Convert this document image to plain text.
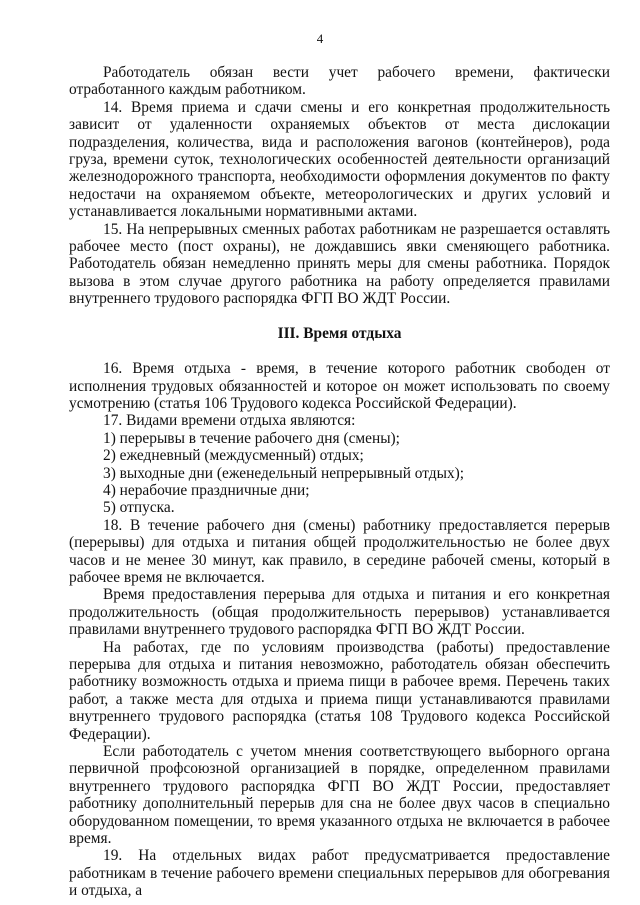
4

Работодатель обязан вести учет рабочего времени, фактически отработанного каждым работником.

14. Время приема и сдачи смены и его конкретная продолжительность зависит от удаленности охраняемых объектов от места дислокации подразделения, количества, вида и расположения вагонов (контейнеров), рода груза, времени суток, технологических особенностей деятельности организаций железнодорожного транспорта, необходимости оформления документов по факту недостачи на охраняемом объекте, метеорологических и других условий и устанавливается локальными нормативными актами.

15. На непрерывных сменных работах работникам не разрешается оставлять рабочее место (пост охраны), не дождавшись явки сменяющего работника. Работодатель обязан немедленно принять меры для смены работника. Порядок вызова в этом случае другого работника на работу определяется правилами внутреннего трудового распорядка ФГП ВО ЖДТ России.

III. Время отдыха

16. Время отдыха - время, в течение которого работник свободен от исполнения трудовых обязанностей и которое он может использовать по своему усмотрению (статья 106 Трудового кодекса Российской Федерации).

17. Видами времени отдыха являются:

1) перерывы в течение рабочего дня (смены);
2) ежедневный (междусменный) отдых;
3) выходные дни (еженедельный непрерывный отдых);
4) нерабочие праздничные дни;
5) отпуска.

18. В течение рабочего дня (смены) работнику предоставляется перерыв (перерывы) для отдыха и питания общей продолжительностью не более двух часов и не менее 30 минут, как правило, в середине рабочей смены, который в рабочее время не включается.

Время предоставления перерыва для отдыха и питания и его конкретная продолжительность (общая продолжительность перерывов) устанавливается правилами внутреннего трудового распорядка ФГП ВО ЖДТ России.

На работах, где по условиям производства (работы) предоставление перерыва для отдыха и питания невозможно, работодатель обязан обеспечить работнику возможность отдыха и приема пищи в рабочее время. Перечень таких работ, а также места для отдыха и приема пищи устанавливаются правилами внутреннего трудового распорядка (статья 108 Трудового кодекса Российской Федерации).

Если работодатель с учетом мнения соответствующего выборного органа первичной профсоюзной организацией в порядке, определенном правилами внутреннего трудового распорядка ФГП ВО ЖДТ России, предоставляет работнику дополнительный перерыв для сна не более двух часов в специально оборудованном помещении, то время указанного отдыха не включается в рабочее время.

19. На отдельных видах работ предусматривается предоставление работникам в течение рабочего времени специальных перерывов для обогревания и отдыха, а
